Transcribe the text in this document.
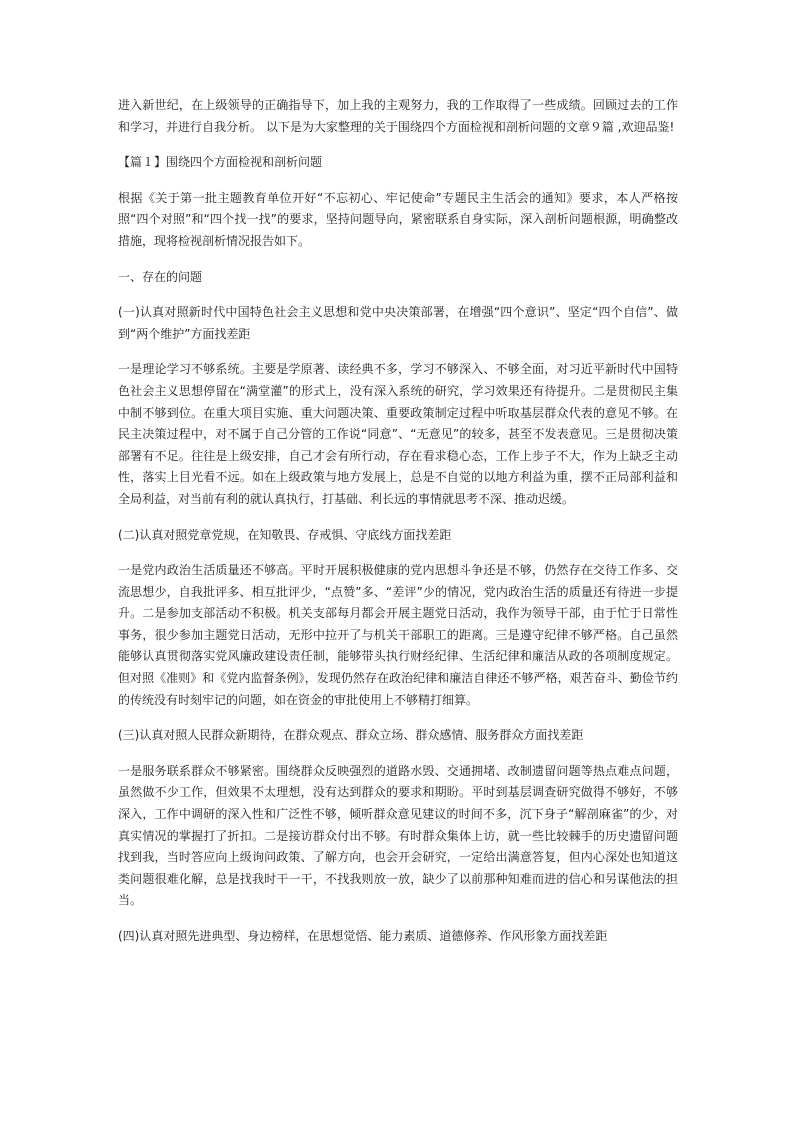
进入新世纪，在上级领导的正确指导下，加上我的主观努力，我的工作取得了一些成绩。回顾过去的工作和学习，并进行自我分析。 以下是为大家整理的关于围绕四个方面检视和剖析问题的文章９篇 ,欢迎品鉴!

【篇１】围绕四个方面检视和剖析问题

根据《关于第一批主题教育单位开好“不忘初心、牢记使命”专题民主生活会的通知》要求，本人严格按照“四个对照”和“四个找一找”的要求，坚持问题导向，紧密联系自身实际，深入剖析问题根源，明确整改措施，现将检视剖析情况报告如下。

一、存在的问题

(一)认真对照新时代中国特色社会主义思想和党中央决策部署，在增强“四个意识”、坚定“四个自信”、做到“两个维护”方面找差距

一是理论学习不够系统。主要是学原著、读经典不多，学习不够深入、不够全面，对习近平新时代中国特色社会主义思想停留在“满堂灌”的形式上，没有深入系统的研究，学习效果还有待提升。二是贯彻民主集中制不够到位。在重大项目实施、重大问题决策、重要政策制定过程中听取基层群众代表的意见不够。在民主决策过程中，对不属于自己分管的工作说“同意”、“无意见”的较多，甚至不发表意见。三是贯彻决策部署有不足。往往是上级安排，自己才会有所行动，存在看求稳心态，工作上步子不大，作为上缺乏主动性，落实上目光看不远。如在上级政策与地方发展上，总是不自觉的以地方利益为重，摆不正局部利益和全局利益，对当前有利的就认真执行，打基础、利长远的事情就思考不深、推动迟缓。

(二)认真对照党章党规，在知敬畏、存戒惧、守底线方面找差距

一是党内政治生活质量还不够高。平时开展积极健康的党内思想斗争还是不够，仍然存在交待工作多、交流思想少，自我批评多、相互批评少，“点赞”多、“差评”少的情况，党内政治生活的质量还有待进一步提升。二是参加支部活动不积极。机关支部每月都会开展主题党日活动，我作为领导干部，由于忙于日常性事务，很少参加主题党日活动，无形中拉开了与机关干部职工的距离。三是遵守纪律不够严格。自己虽然能够认真贯彻落实党风廉政建设责任制，能够带头执行财经纪律、生活纪律和廉洁从政的各项制度规定。但对照《准则》和《党内监督条例》，发现仍然存在政治纪律和廉洁自律还不够严格，艰苦奋斗、勤俭节约的传统没有时刻牢记的问题，如在资金的审批使用上不够精打细算。

(三)认真对照人民群众新期待，在群众观点、群众立场、群众感情、服务群众方面找差距

一是服务联系群众不够紧密。围绕群众反映强烈的道路水毁、交通拥堵、改制遗留问题等热点难点问题，虽然做不少工作，但效果不太理想，没有达到群众的要求和期盼。平时到基层调查研究做得不够好，不够深入，工作中调研的深入性和广泛性不够，倾听群众意见建议的时间不多，沉下身子“解剖麻雀”的少，对真实情况的掌握打了折扣。二是接访群众付出不够。有时群众集体上访，就一些比较棘手的历史遗留问题找到我，当时答应向上级询问政策、了解方向，也会开会研究，一定给出满意答复，但内心深处也知道这类问题很难化解，总是找我时干一干，不找我则放一放，缺少了以前那种知难而进的信心和另谋他法的担当。

(四)认真对照先进典型、身边榜样，在思想觉悟、能力素质、道德修养、作风形象方面找差距
